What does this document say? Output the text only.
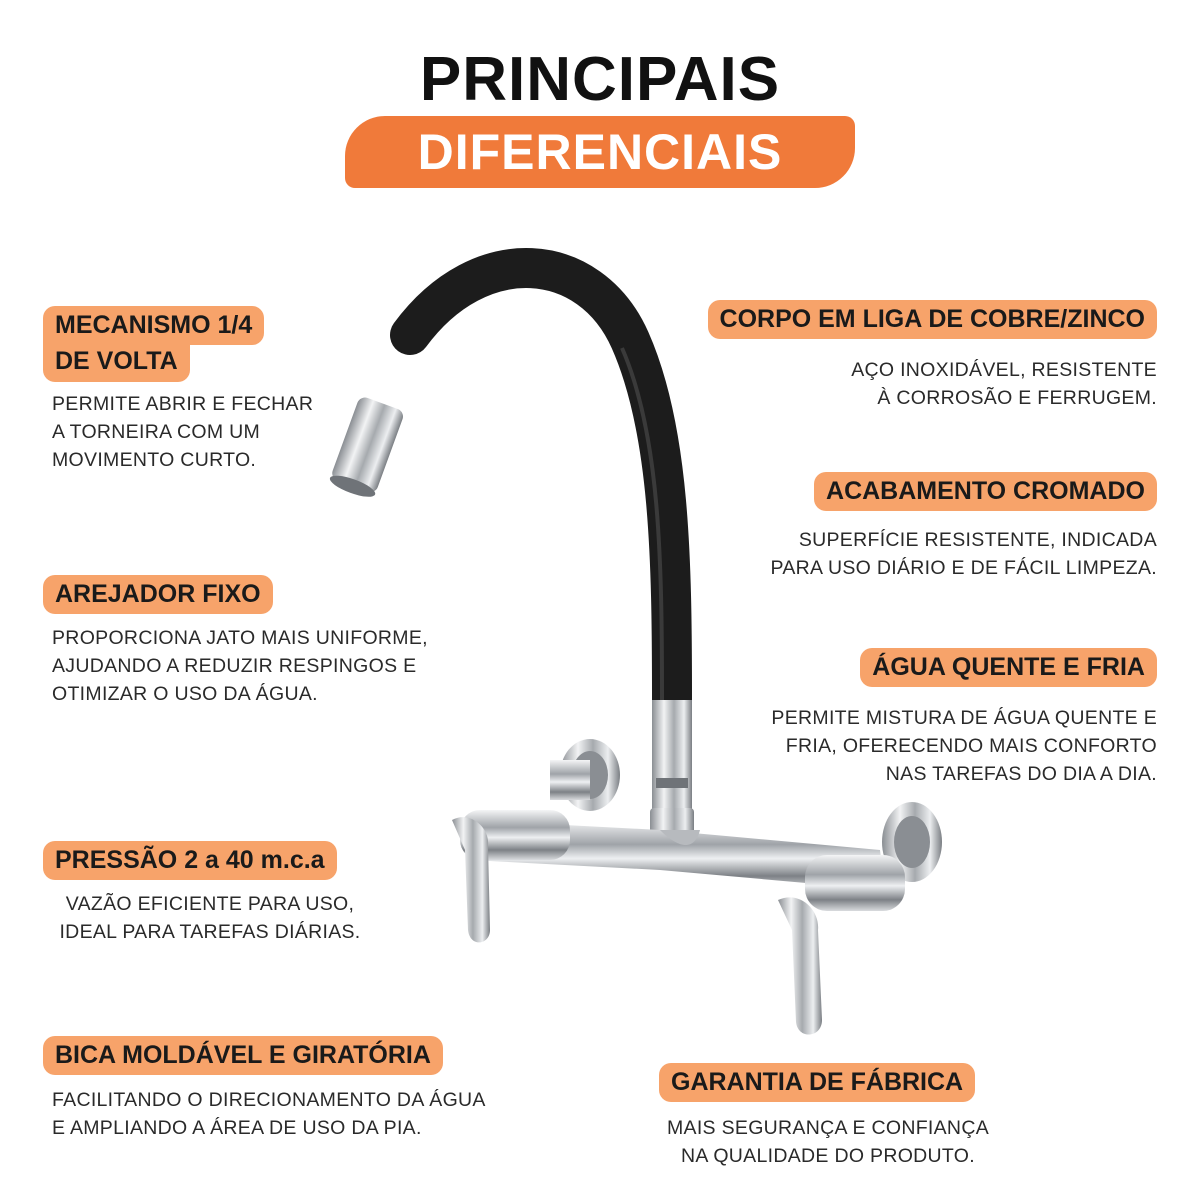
PRINCIPAIS
DIFERENCIAIS
MECANISMO 1/4
DE VOLTA
PERMITE ABRIR E FECHAR
A TORNEIRA COM UM
MOVIMENTO CURTO.
AREJADOR FIXO
PROPORCIONA JATO MAIS UNIFORME,
AJUDANDO A REDUZIR RESPINGOS E
OTIMIZAR O USO DA ÁGUA.
PRESSÃO 2 a 40 m.c.a
VAZÃO EFICIENTE PARA USO,
IDEAL PARA TAREFAS DIÁRIAS.
BICA MOLDÁVEL E GIRATÓRIA
FACILITANDO O DIRECIONAMENTO DA ÁGUA
E AMPLIANDO A ÁREA DE USO DA PIA.
CORPO EM LIGA DE COBRE/ZINCO
AÇO INOXIDÁVEL, RESISTENTE
À CORROSÃO E FERRUGEM.
ACABAMENTO CROMADO
SUPERFÍCIE RESISTENTE, INDICADA
PARA USO DIÁRIO E DE FÁCIL LIMPEZA.
ÁGUA QUENTE E FRIA
PERMITE MISTURA DE ÁGUA QUENTE E
FRIA, OFERECENDO MAIS CONFORTO
NAS TAREFAS DO DIA A DIA.
GARANTIA DE FÁBRICA
MAIS SEGURANÇA E CONFIANÇA
NA QUALIDADE DO PRODUTO.
